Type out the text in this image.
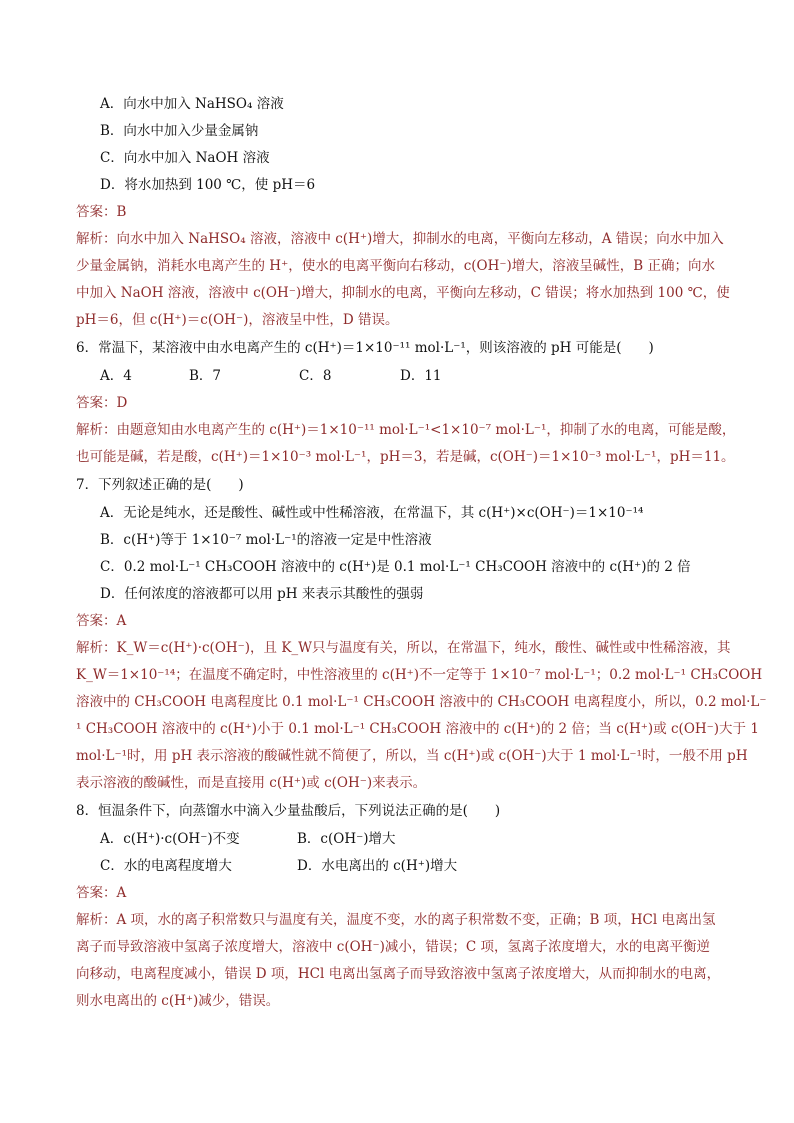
A．向水中加入 NaHSO₄ 溶液
B．向水中加入少量金属钠
C．向水中加入 NaOH 溶液
D．将水加热到 100 ℃，使 pH＝6
答案：B
解析：向水中加入 NaHSO₄ 溶液，溶液中 c(H⁺)增大，抑制水的电离，平衡向左移动，A 错误；向水中加入
少量金属钠，消耗水电离产生的 H⁺，使水的电离平衡向右移动，c(OH⁻)增大，溶液呈碱性，B 正确；向水
中加入 NaOH 溶液，溶液中 c(OH⁻)增大，抑制水的电离，平衡向左移动，C 错误；将水加热到 100 ℃，使
pH＝6，但 c(H⁺)＝c(OH⁻)，溶液呈中性，D 错误。
6．常温下，某溶液中由水电离产生的 c(H⁺)＝1×10⁻¹¹ mol·L⁻¹，则该溶液的 pH 可能是(　　)
A．4	B．7	C．8	D．11
答案：D
解析：由题意知由水电离产生的 c(H⁺)＝1×10⁻¹¹ mol·L⁻¹<1×10⁻⁷ mol·L⁻¹，抑制了水的电离，可能是酸，
也可能是碱，若是酸，c(H⁺)＝1×10⁻³ mol·L⁻¹，pH＝3，若是碱，c(OH⁻)＝1×10⁻³ mol·L⁻¹，pH＝11。
7．下列叙述正确的是(　　)
A．无论是纯水，还是酸性、碱性或中性稀溶液，在常温下，其 c(H⁺)×c(OH⁻)＝1×10⁻¹⁴
B．c(H⁺)等于 1×10⁻⁷ mol·L⁻¹的溶液一定是中性溶液
C．0.2 mol·L⁻¹ CH₃COOH 溶液中的 c(H⁺)是 0.1 mol·L⁻¹ CH₃COOH 溶液中的 c(H⁺)的 2 倍
D．任何浓度的溶液都可以用 pH 来表示其酸性的强弱
答案：A
解析：K_W＝c(H⁺)·c(OH⁻)，且 K_W只与温度有关，所以，在常温下，纯水，酸性、碱性或中性稀溶液，其
K_W＝1×10⁻¹⁴；在温度不确定时，中性溶液里的 c(H⁺)不一定等于 1×10⁻⁷ mol·L⁻¹；0.2 mol·L⁻¹ CH₃COOH
溶液中的 CH₃COOH 电离程度比 0.1 mol·L⁻¹ CH₃COOH 溶液中的 CH₃COOH 电离程度小，所以，0.2 mol·L⁻
¹ CH₃COOH 溶液中的 c(H⁺)小于 0.1 mol·L⁻¹ CH₃COOH 溶液中的 c(H⁺)的 2 倍；当 c(H⁺)或 c(OH⁻)大于 1
mol·L⁻¹时，用 pH 表示溶液的酸碱性就不简便了，所以，当 c(H⁺)或 c(OH⁻)大于 1 mol·L⁻¹时，一般不用 pH
表示溶液的酸碱性，而是直接用 c(H⁺)或 c(OH⁻)来表示。
8．恒温条件下，向蒸馏水中滴入少量盐酸后，下列说法正确的是(　　)
A．c(H⁺)·c(OH⁻)不变	B．c(OH⁻)增大
C．水的电离程度增大	D．水电离出的 c(H⁺)增大
答案：A
解析：A 项，水的离子积常数只与温度有关，温度不变，水的离子积常数不变，正确；B 项，HCl 电离出氢
离子而导致溶液中氢离子浓度增大，溶液中 c(OH⁻)减小，错误；C 项，氢离子浓度增大，水的电离平衡逆
向移动，电离程度减小，错误 D 项，HCl 电离出氢离子而导致溶液中氢离子浓度增大，从而抑制水的电离，
则水电离出的 c(H⁺)减少，错误。
